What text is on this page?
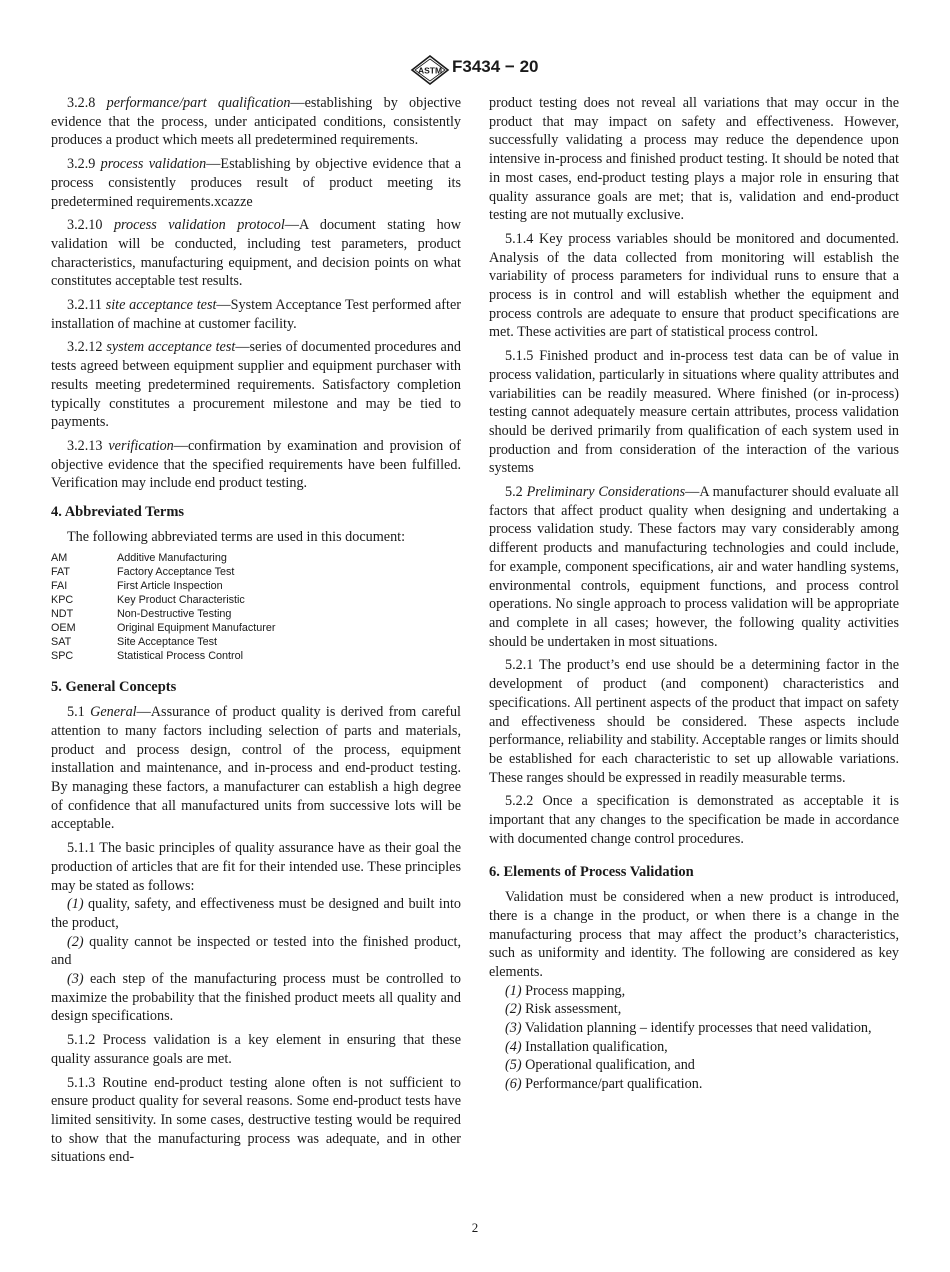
ASTM F3434 − 20

3.2.8 performance/part qualification—establishing by objective evidence that the process, under anticipated conditions, consistently produces a product which meets all predetermined requirements.

3.2.9 process validation—Establishing by objective evidence that a process consistently produces result of product meeting its predetermined requirements.xcazze

3.2.10 process validation protocol—A document stating how validation will be conducted, including test parameters, product characteristics, manufacturing equipment, and decision points on what constitutes acceptable test results.

3.2.11 site acceptance test—System Acceptance Test performed after installation of machine at customer facility.

3.2.12 system acceptance test—series of documented procedures and tests agreed between equipment supplier and equipment purchaser with results meeting predetermined requirements. Satisfactory completion typically constitutes a procurement milestone and may be tied to payments.

3.2.13 verification—confirmation by examination and provision of objective evidence that the specified requirements have been fulfilled. Verification may include end product testing.

4. Abbreviated Terms

The following abbreviated terms are used in this document:

AM	Additive Manufacturing
FAT	Factory Acceptance Test
FAI	First Article Inspection
KPC	Key Product Characteristic
NDT	Non-Destructive Testing
OEM	Original Equipment Manufacturer
SAT	Site Acceptance Test
SPC	Statistical Process Control
5. General Concepts

5.1 General—Assurance of product quality is derived from careful attention to many factors including selection of parts and materials, product and process design, control of the process, equipment installation and maintenance, and in-process and end-product testing. By managing these factors, a manufacturer can establish a high degree of confidence that all manufactured units from successive lots will be acceptable.

5.1.1 The basic principles of quality assurance have as their goal the production of articles that are fit for their intended use. These principles may be stated as follows:

(1) quality, safety, and effectiveness must be designed and built into the product,

(2) quality cannot be inspected or tested into the finished product, and

(3) each step of the manufacturing process must be controlled to maximize the probability that the finished product meets all quality and design specifications.

5.1.2 Process validation is a key element in ensuring that these quality assurance goals are met.

5.1.3 Routine end-product testing alone often is not sufficient to ensure product quality for several reasons. Some end-product tests have limited sensitivity. In some cases, destructive testing would be required to show that the manufacturing process was adequate, and in other situations end-

product testing does not reveal all variations that may occur in the product that may impact on safety and effectiveness. However, successfully validating a process may reduce the dependence upon intensive in-process and finished product testing. It should be noted that in most cases, end-product testing plays a major role in ensuring that quality assurance goals are met; that is, validation and end-product testing are not mutually exclusive.

5.1.4 Key process variables should be monitored and documented. Analysis of the data collected from monitoring will establish the variability of process parameters for individual runs to ensure that a process is in control and will establish whether the equipment and process controls are adequate to ensure that product specifications are met. These activities are part of statistical process control.

5.1.5 Finished product and in-process test data can be of value in process validation, particularly in situations where quality attributes and variabilities can be readily measured. Where finished (or in-process) testing cannot adequately measure certain attributes, process validation should be derived primarily from qualification of each system used in production and from consideration of the interaction of the various systems

5.2 Preliminary Considerations—A manufacturer should evaluate all factors that affect product quality when designing and undertaking a process validation study. These factors may vary considerably among different products and manufacturing technologies and could include, for example, component specifications, air and water handling systems, environmental controls, equipment functions, and process control operations. No single approach to process validation will be appropriate and complete in all cases; however, the following quality activities should be undertaken in most situations.

5.2.1 The product’s end use should be a determining factor in the development of product (and component) characteristics and specifications. All pertinent aspects of the product that impact on safety and effectiveness should be considered. These aspects include performance, reliability and stability. Acceptable ranges or limits should be established for each characteristic to set up allowable variations. These ranges should be expressed in readily measurable terms.

5.2.2 Once a specification is demonstrated as acceptable it is important that any changes to the specification be made in accordance with documented change control procedures.

6. Elements of Process Validation

Validation must be considered when a new product is introduced, there is a change in the product, or when there is a change in the manufacturing process that may affect the product’s characteristics, such as uniformity and identity. The following are considered as key elements.

(1) Process mapping,

(2) Risk assessment,

(3) Validation planning – identify processes that need validation,

(4) Installation qualification,

(5) Operational qualification, and

(6) Performance/part qualification.

2
